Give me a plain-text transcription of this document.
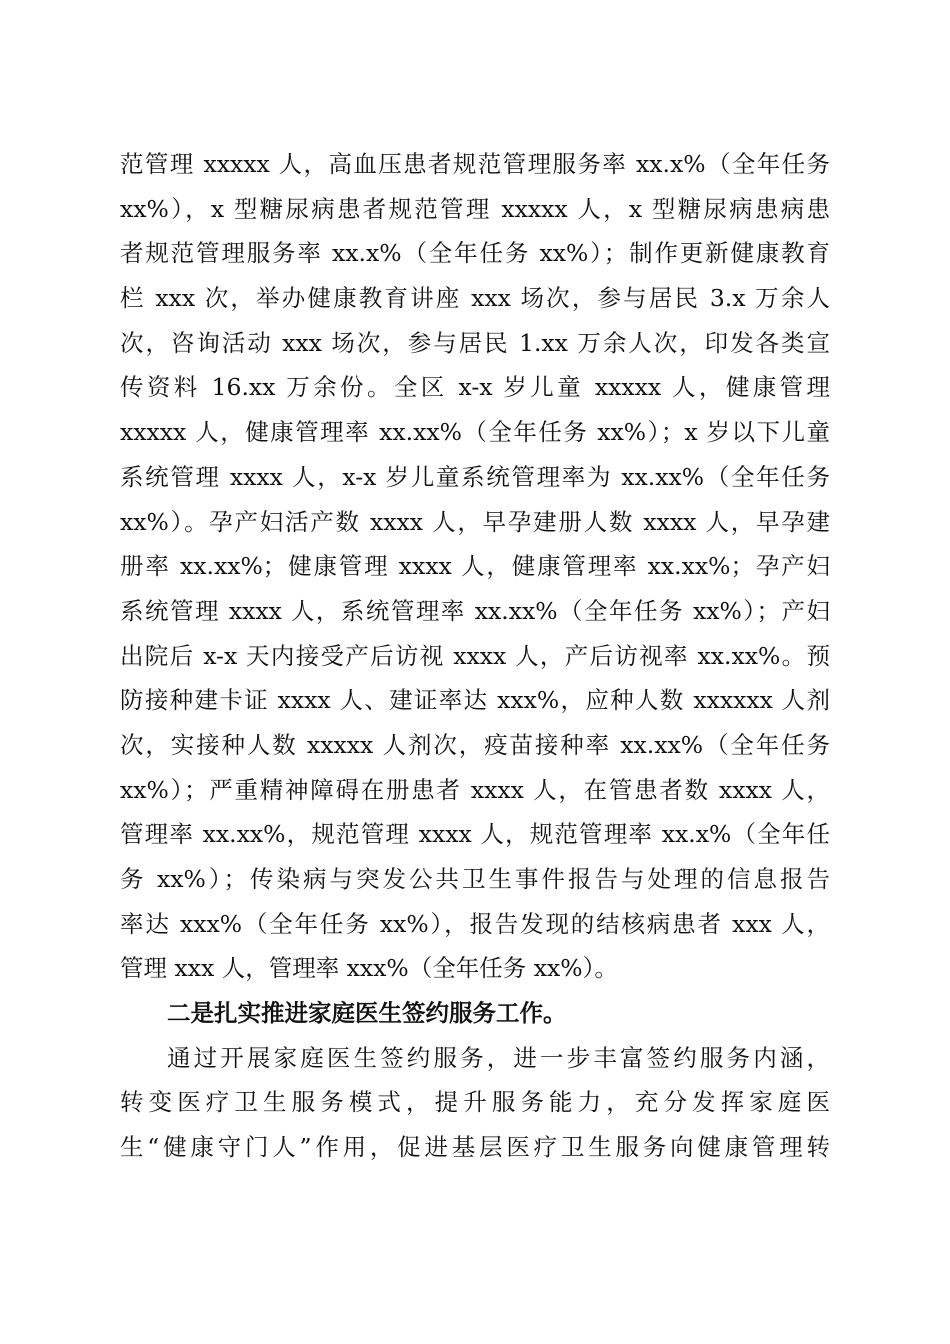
范管理 xxxxx 人，高血压患者规范管理服务率 xx.x%（全年任务
xx%），x 型糖尿病患者规范管理 xxxxx 人，x 型糖尿病患病患
者规范管理服务率 xx.x%（全年任务 xx%）；制作更新健康教育
栏 xxx 次，举办健康教育讲座 xxx 场次，参与居民 3.x 万余人
次，咨询活动 xxx 场次，参与居民 1.xx 万余人次，印发各类宣
传资料 16.xx 万余份。全区 x-x 岁儿童 xxxxx 人，健康管理
xxxxx 人，健康管理率 xx.xx%（全年任务 xx%）；x 岁以下儿童
系统管理 xxxx 人，x-x 岁儿童系统管理率为 xx.xx%（全年任务
xx%）。孕产妇活产数 xxxx 人，早孕建册人数 xxxx 人，早孕建
册率 xx.xx%；健康管理 xxxx 人，健康管理率 xx.xx%；孕产妇
系统管理 xxxx 人，系统管理率 xx.xx%（全年任务 xx%）；产妇
出院后 x-x 天内接受产后访视 xxxx 人，产后访视率 xx.xx%。预
防接种建卡证 xxxx 人、建证率达 xxx%，应种人数 xxxxxx 人剂
次，实接种人数 xxxxx 人剂次，疫苗接种率 xx.xx%（全年任务
xx%）；严重精神障碍在册患者 xxxx 人，在管患者数 xxxx 人，
管理率 xx.xx%，规范管理 xxxx 人，规范管理率 xx.x%（全年任
务 xx%）；传染病与突发公共卫生事件报告与处理的信息报告
率达 xxx%（全年任务 xx%），报告发现的结核病患者 xxx 人，
管理 xxx 人，管理率 xxx%（全年任务 xx%）。
二是扎实推进家庭医生签约服务工作。
通过开展家庭医生签约服务，进一步丰富签约服务内涵，
转变医疗卫生服务模式，提升服务能力，充分发挥家庭医
生“健康守门人”作用，促进基层医疗卫生服务向健康管理转
